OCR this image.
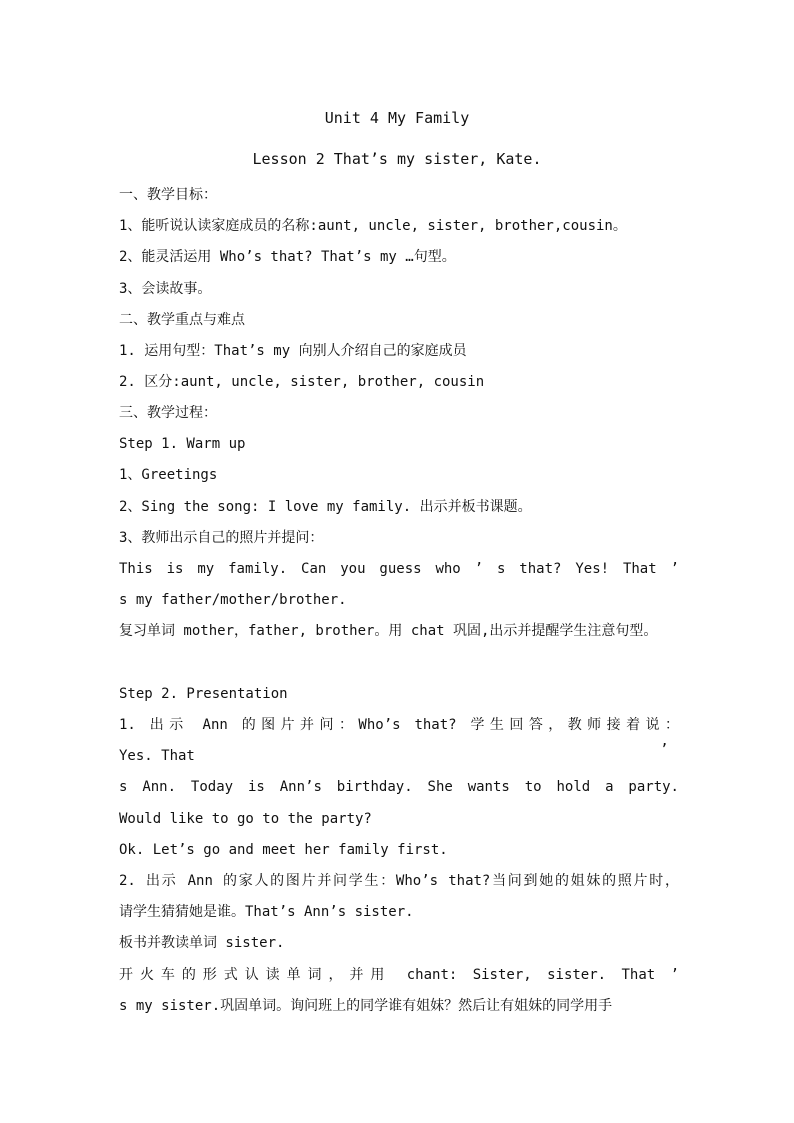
Unit 4 My Family
Lesson 2 That’s my sister, Kate.
一、教学目标：
1、能听说认读家庭成员的名称:aunt, uncle, sister, brother,cousin。
2、能灵活运用 Who’s that? That’s my …句型。
3、会读故事。
二、教学重点与难点
1. 运用句型：That’s my 向别人介绍自己的家庭成员
2. 区分:aunt, uncle, sister, brother, cousin
三、教学过程：
Step 1. Warm up
1、Greetings
2、Sing the song: I love my family. 出示并板书课题。
3、教师出示自己的照片并提问：
This is my family. Can you guess who ’ s that? Yes! That ’
s my father/mother/brother.
复习单词 mother，father, brother。用 chat 巩固,出示并提醒学生注意句型。
Step 2. Presentation
1. 出示 Ann 的图片并问：Who’s that? 学生回答，教师接着说：
Yes. That	’
s Ann. Today is Ann’s birthday. She wants to hold a party.
Would like to go to the party?
Ok. Let’s go and meet her family first.
2. 出示 Ann 的家人的图片并问学生：Who’s that?当问到她的姐妹的照片时，
请学生猜猜她是谁。That’s Ann’s sister.
板书并教读单词 sister.
开火车的形式认读单词，并用 chant: Sister, sister. That ’
s my sister.巩固单词。询问班上的同学谁有姐妹？然后让有姐妹的同学用手
